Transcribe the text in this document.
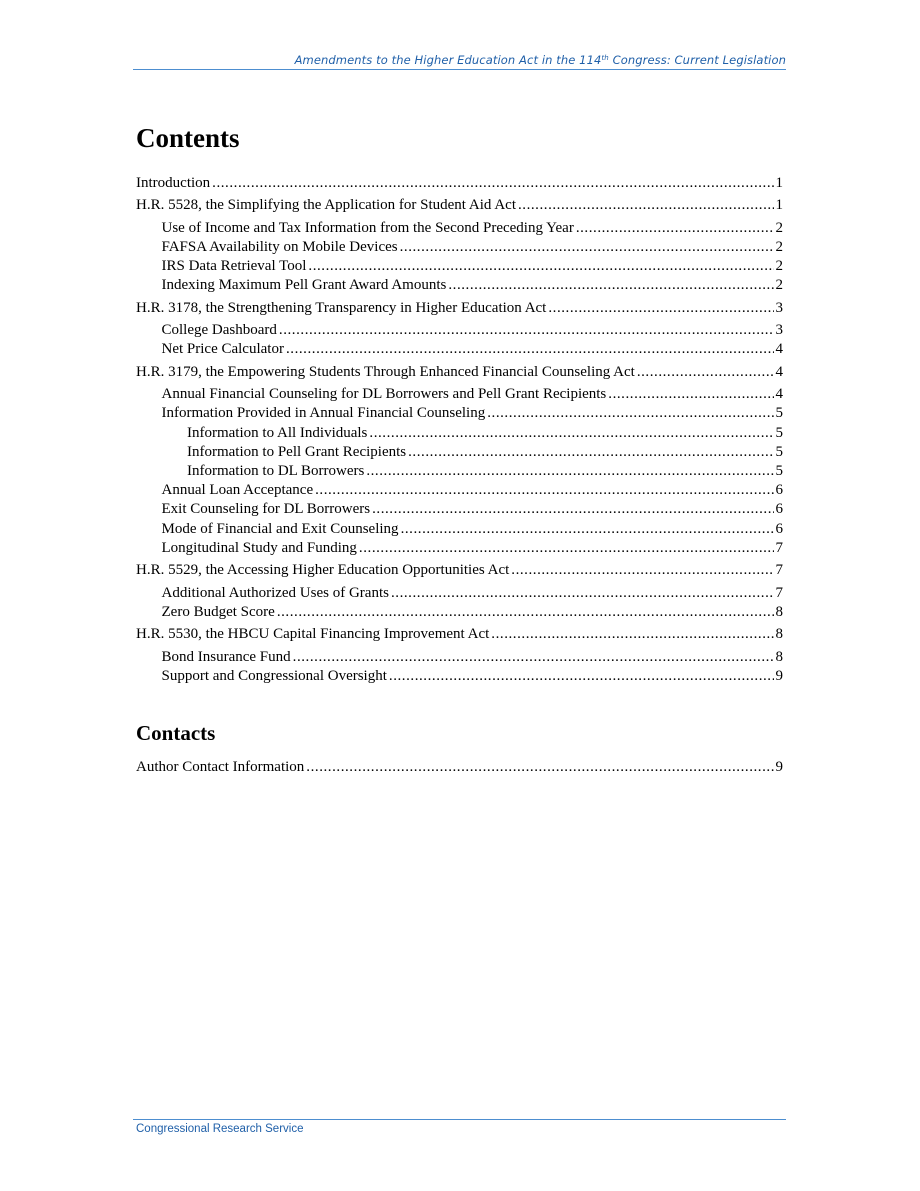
Amendments to the Higher Education Act in the 114th Congress: Current Legislation
Contents
Introduction . . .	1
H.R. 5528, the Simplifying the Application for Student Aid Act . . .	1
Use of Income and Tax Information from the Second Preceding Year . . .	2
FAFSA Availability on Mobile Devices . . .	2
IRS Data Retrieval Tool . . .	2
Indexing Maximum Pell Grant Award Amounts . . .	2
H.R. 3178, the Strengthening Transparency in Higher Education Act . . .	3
College Dashboard . . .	3
Net Price Calculator . . .	4
H.R. 3179, the Empowering Students Through Enhanced Financial Counseling Act . . .	4
Annual Financial Counseling for DL Borrowers and Pell Grant Recipients . . .	4
Information Provided in Annual Financial Counseling . . .	5
Information to All Individuals . . .	5
Information to Pell Grant Recipients . . .	5
Information to DL Borrowers . . .	5
Annual Loan Acceptance . . .	6
Exit Counseling for DL Borrowers . . .	6
Mode of Financial and Exit Counseling . . .	6
Longitudinal Study and Funding . . .	7
H.R. 5529, the Accessing Higher Education Opportunities Act . . .	7
Additional Authorized Uses of Grants . . .	7
Zero Budget Score . . .	8
H.R. 5530, the HBCU Capital Financing Improvement Act . . .	8
Bond Insurance Fund . . .	8
Support and Congressional Oversight . . .	9
Contacts
Author Contact Information . . .	9
Congressional Research Service
